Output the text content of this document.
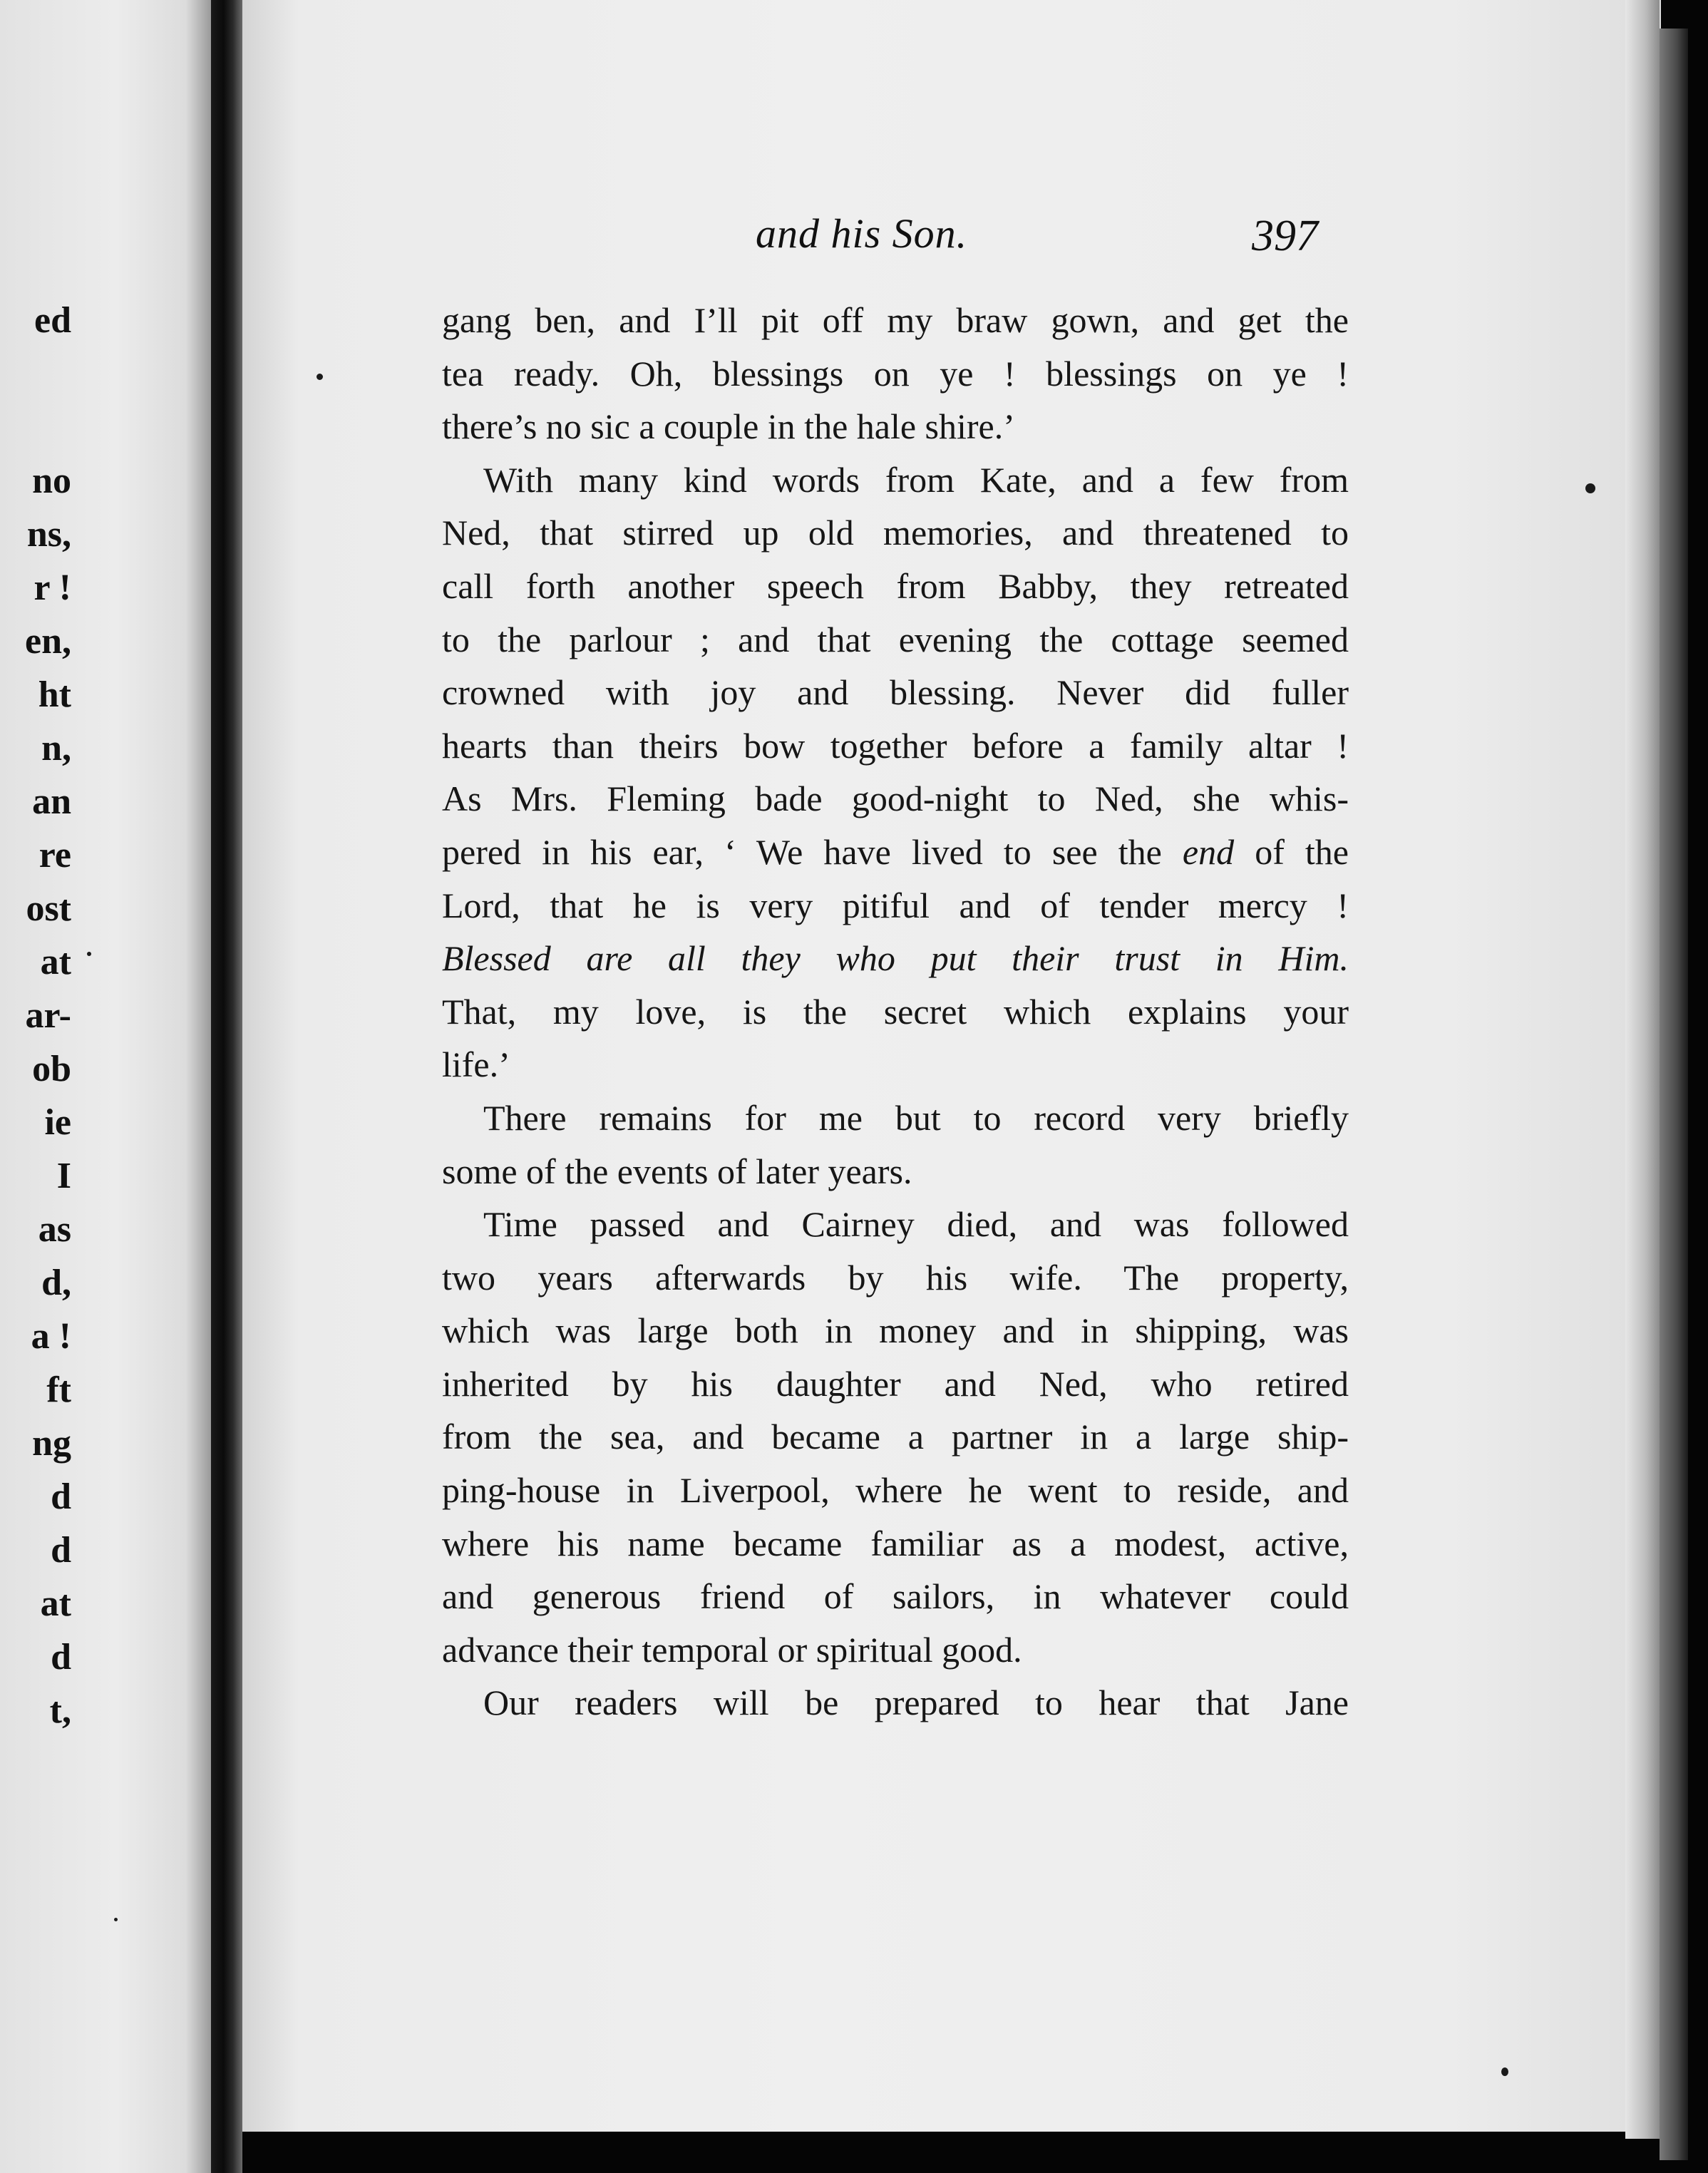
ed
no
ns,
r !
en,
ht
n,
an
re
ost
at
ar-
ob
ie
I
as
d,
a !
ft
ng
d
d
at
d
t,
and his Son.	397
gang ben, and I’ll pit off my braw gown, and get the
tea ready. Oh, blessings on ye ! blessings on ye !
there’s no sic a couple in the hale shire.’
With many kind words from Kate, and a few from
Ned, that stirred up old memories, and threatened to
call forth another speech from Babby, they retreated
to the parlour ; and that evening the cottage seemed
crowned with joy and blessing. Never did fuller
hearts than theirs bow together before a family altar !
As Mrs. Fleming bade good-night to Ned, she whis-
pered in his ear, ‘ We have lived to see the end of the
Lord, that he is very pitiful and of tender mercy !
Blessed are all they who put their trust in Him.
That, my love, is the secret which explains your
life.’
There remains for me but to record very briefly
some of the events of later years.
Time passed and Cairney died, and was followed
two years afterwards by his wife. The property,
which was large both in money and in shipping, was
inherited by his daughter and Ned, who retired
from the sea, and became a partner in a large ship-
ping-house in Liverpool, where he went to reside, and
where his name became familiar as a modest, active,
and generous friend of sailors, in whatever could
advance their temporal or spiritual good.
Our readers will be prepared to hear that Jane
